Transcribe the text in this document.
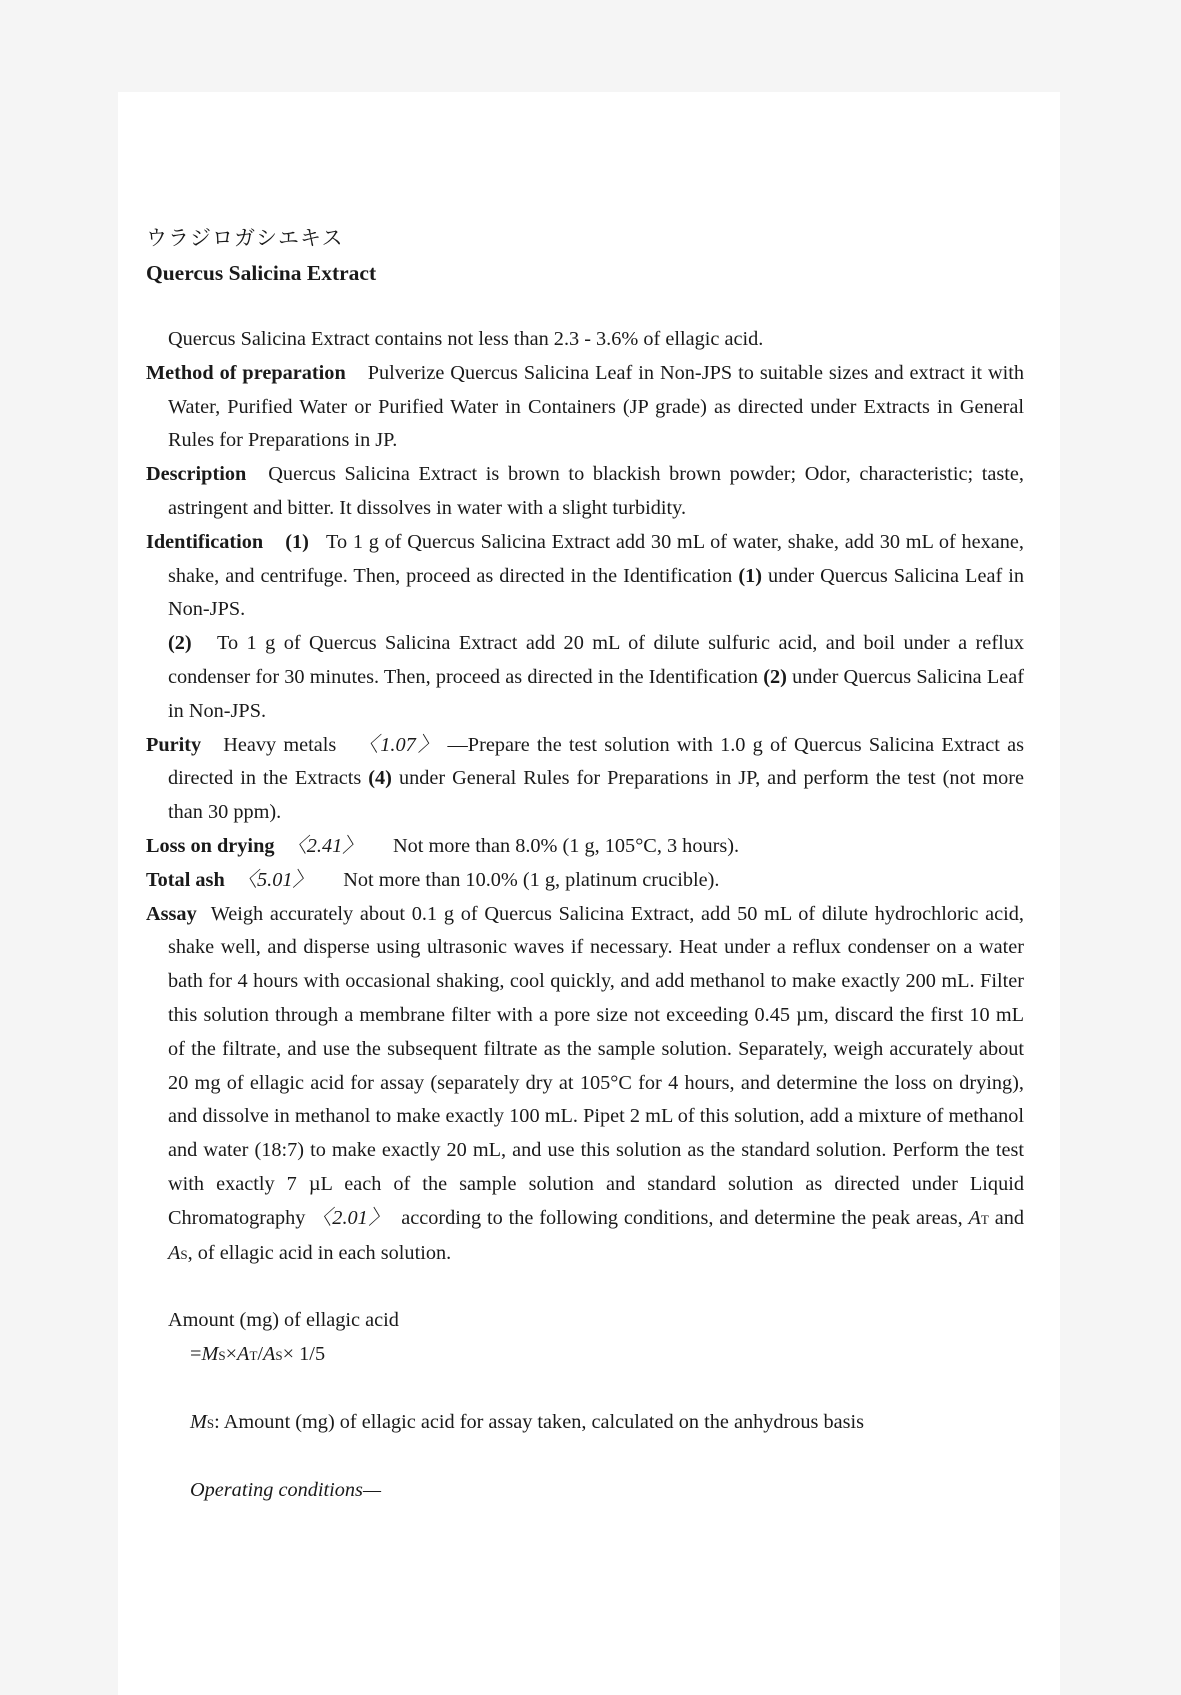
ウラジロガシエキス
Quercus Salicina Extract

Quercus Salicina Extract contains not less than 2.3 - 3.6% of ellagic acid.

Method of preparation Pulverize Quercus Salicina Leaf in Non-JPS to suitable sizes and extract it with Water, Purified Water or Purified Water in Containers (JP grade) as directed under Extracts in General Rules for Preparations in JP.

Description Quercus Salicina Extract is brown to blackish brown powder; Odor, characteristic; taste, astringent and bitter. It dissolves in water with a slight turbidity.

Identification (1) To 1 g of Quercus Salicina Extract add 30 mL of water, shake, add 30 mL of hexane, shake, and centrifuge. Then, proceed as directed in the Identification (1) under Quercus Salicina Leaf in Non-JPS.

(2) To 1 g of Quercus Salicina Extract add 20 mL of dilute sulfuric acid, and boil under a reflux condenser for 30 minutes. Then, proceed as directed in the Identification (2) under Quercus Salicina Leaf in Non-JPS.

Purity Heavy metals 〈1.07〉 —Prepare the test solution with 1.0 g of Quercus Salicina Extract as directed in the Extracts (4) under General Rules for Preparations in JP, and perform the test (not more than 30 ppm).

Loss on drying 〈2.41〉 Not more than 8.0% (1 g, 105°C, 3 hours).

Total ash 〈5.01〉 Not more than 10.0% (1 g, platinum crucible).

Assay Weigh accurately about 0.1 g of Quercus Salicina Extract, add 50 mL of dilute hydrochloric acid, shake well, and disperse using ultrasonic waves if necessary. Heat under a reflux condenser on a water bath for 4 hours with occasional shaking, cool quickly, and add methanol to make exactly 200 mL. Filter this solution through a membrane filter with a pore size not exceeding 0.45 µm, discard the first 10 mL of the filtrate, and use the subsequent filtrate as the sample solution. Separately, weigh accurately about 20 mg of ellagic acid for assay (separately dry at 105°C for 4 hours, and determine the loss on drying), and dissolve in methanol to make exactly 100 mL. Pipet 2 mL of this solution, add a mixture of methanol and water (18:7) to make exactly 20 mL, and use this solution as the standard solution. Perform the test with exactly 7 µL each of the sample solution and standard solution as directed under Liquid Chromatography 〈2.01〉 according to the following conditions, and determine the peak areas, AT and AS, of ellagic acid in each solution.

Amount (mg) of ellagic acid
=MS×AT/AS× 1/5
MS: Amount (mg) of ellagic acid for assay taken, calculated on the anhydrous basis
Operating conditions—
